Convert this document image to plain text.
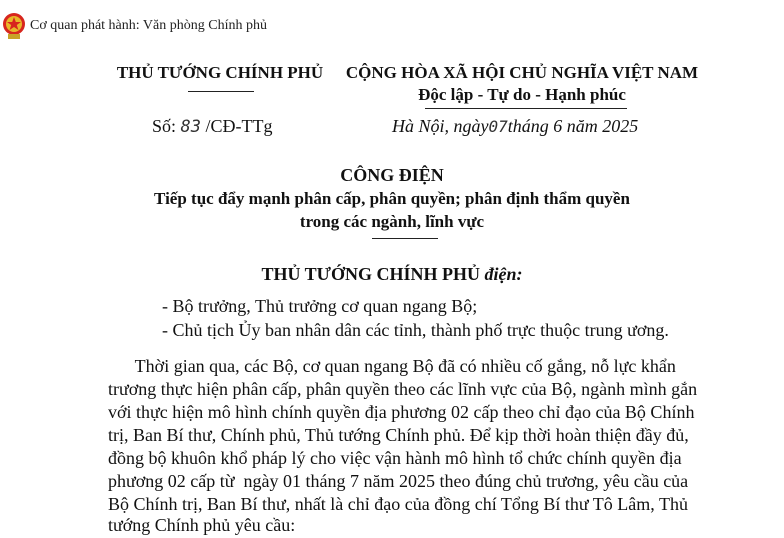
Cơ quan phát hành: Văn phòng Chính phủ
THỦ TƯỚNG CHÍNH PHỦ	CỘNG HÒA XÃ HỘI CHỦ NGHĨA VIỆT NAM
Độc lập - Tự do - Hạnh phúc
Số: 83 /CĐ-TTg	Hà Nội, ngày07tháng 6 năm 2025
CÔNG ĐIỆN
Tiếp tục đẩy mạnh phân cấp, phân quyền; phân định thẩm quyền
trong các ngành, lĩnh vực
THỦ TƯỚNG CHÍNH PHỦ điện:
- Bộ trưởng, Thủ trưởng cơ quan ngang Bộ;
- Chủ tịch Ủy ban nhân dân các tỉnh, thành phố trực thuộc trung ương.
Thời gian qua, các Bộ, cơ quan ngang Bộ đã có nhiều cố gắng, nỗ lực khẩn
trương thực hiện phân cấp, phân quyền theo các lĩnh vực của Bộ, ngành mình gắn
với thực hiện mô hình chính quyền địa phương 02 cấp theo chỉ đạo của Bộ Chính
trị, Ban Bí thư, Chính phủ, Thủ tướng Chính phủ. Để kịp thời hoàn thiện đầy đủ,
đồng bộ khuôn khổ pháp lý cho việc vận hành mô hình tổ chức chính quyền địa
phương 02 cấp từ  ngày 01 tháng 7 năm 2025 theo đúng chủ trương, yêu cầu của
Bộ Chính trị, Ban Bí thư, nhất là chỉ đạo của đồng chí Tổng Bí thư Tô Lâm, Thủ
tướng Chính phủ yêu cầu:
